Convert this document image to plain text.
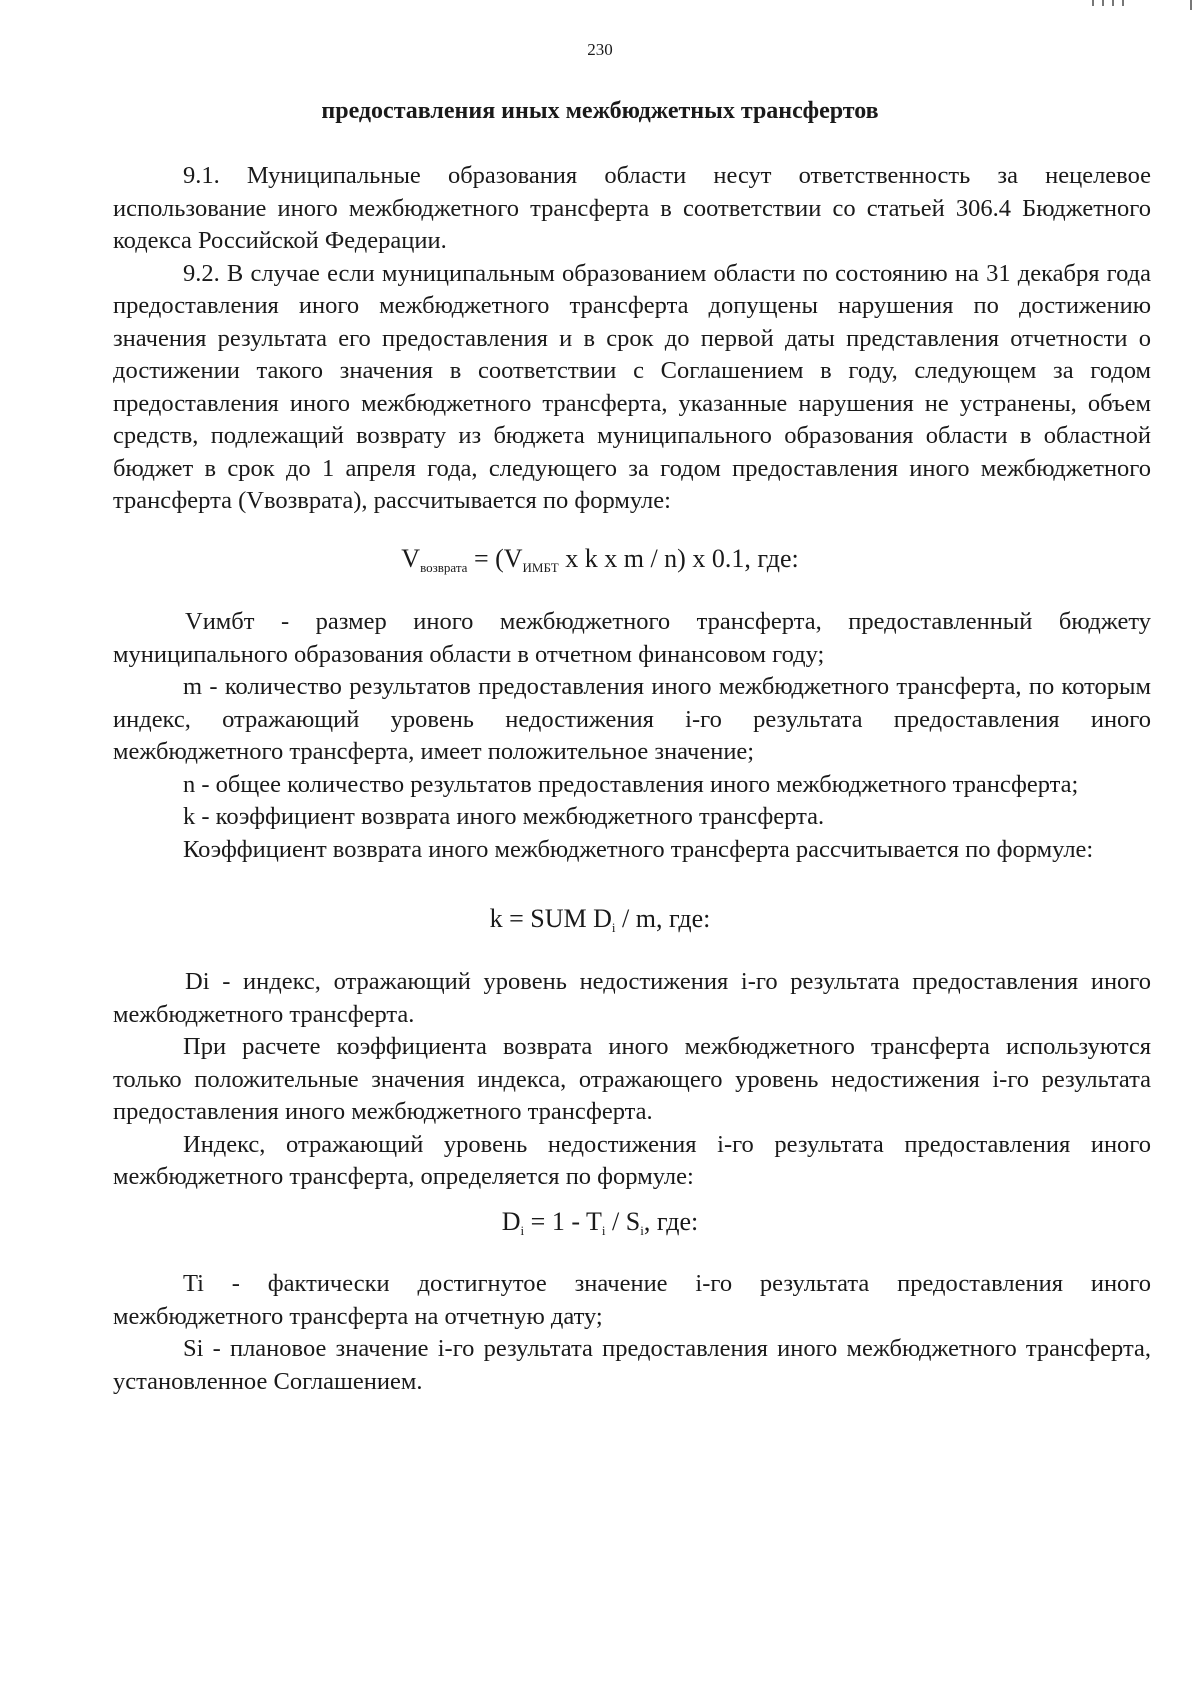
230
предоставления иных межбюджетных трансфертов

9.1. Муниципальные образования области несут ответственность за нецелевое использование иного межбюджетного трансферта в соответствии со статьей 306.4 Бюджетного кодекса Российской Федерации.

9.2. В случае если муниципальным образованием области по состоянию на 31 декабря года предоставления иного межбюджетного трансферта допущены нарушения по достижению значения результата его предоставления и в срок до первой даты представления отчетности о достижении такого значения в соответствии с Соглашением в году, следующем за годом предоставления иного межбюджетного трансферта, указанные нарушения не устранены, объем средств, подлежащий возврату из бюджета муниципального образования области в областной бюджет в срок до 1 апреля года, следующего за годом предоставления иного межбюджетного трансферта (Vвозврата), рассчитывается по формуле:

$V_{возврата} = (V_{ИМБТ}$ x k x m / n) x 0.1, где:

Vимбт - размер иного межбюджетного трансферта, предоставленный бюджету муниципального образования области в отчетном финансовом году;

m - количество результатов предоставления иного межбюджетного трансферта, по которым индекс, отражающий уровень недостижения i-го результата предоставления иного межбюджетного трансферта, имеет положительное значение;

n - общее количество результатов предоставления иного межбюджетного трансферта;

k - коэффициент возврата иного межбюджетного трансферта.

Коэффициент возврата иного межбюджетного трансферта рассчитывается по формуле:

k = SUM $D_i$ / m, где:

Di - индекс, отражающий уровень недостижения i-го результата предоставления иного межбюджетного трансферта.

При расчете коэффициента возврата иного межбюджетного трансферта используются только положительные значения индекса, отражающего уровень недостижения i-го результата предоставления иного межбюджетного трансферта.

Индекс, отражающий уровень недостижения i-го результата предоставления иного межбюджетного трансферта, определяется по формуле:

$D_i = 1 - T_i / S_i$, где:

Ti - фактически достигнутое значение i-го результата предоставления иного межбюджетного трансферта на отчетную дату;

Si - плановое значение i-го результата предоставления иного межбюджетного трансферта, установленное Соглашением.
